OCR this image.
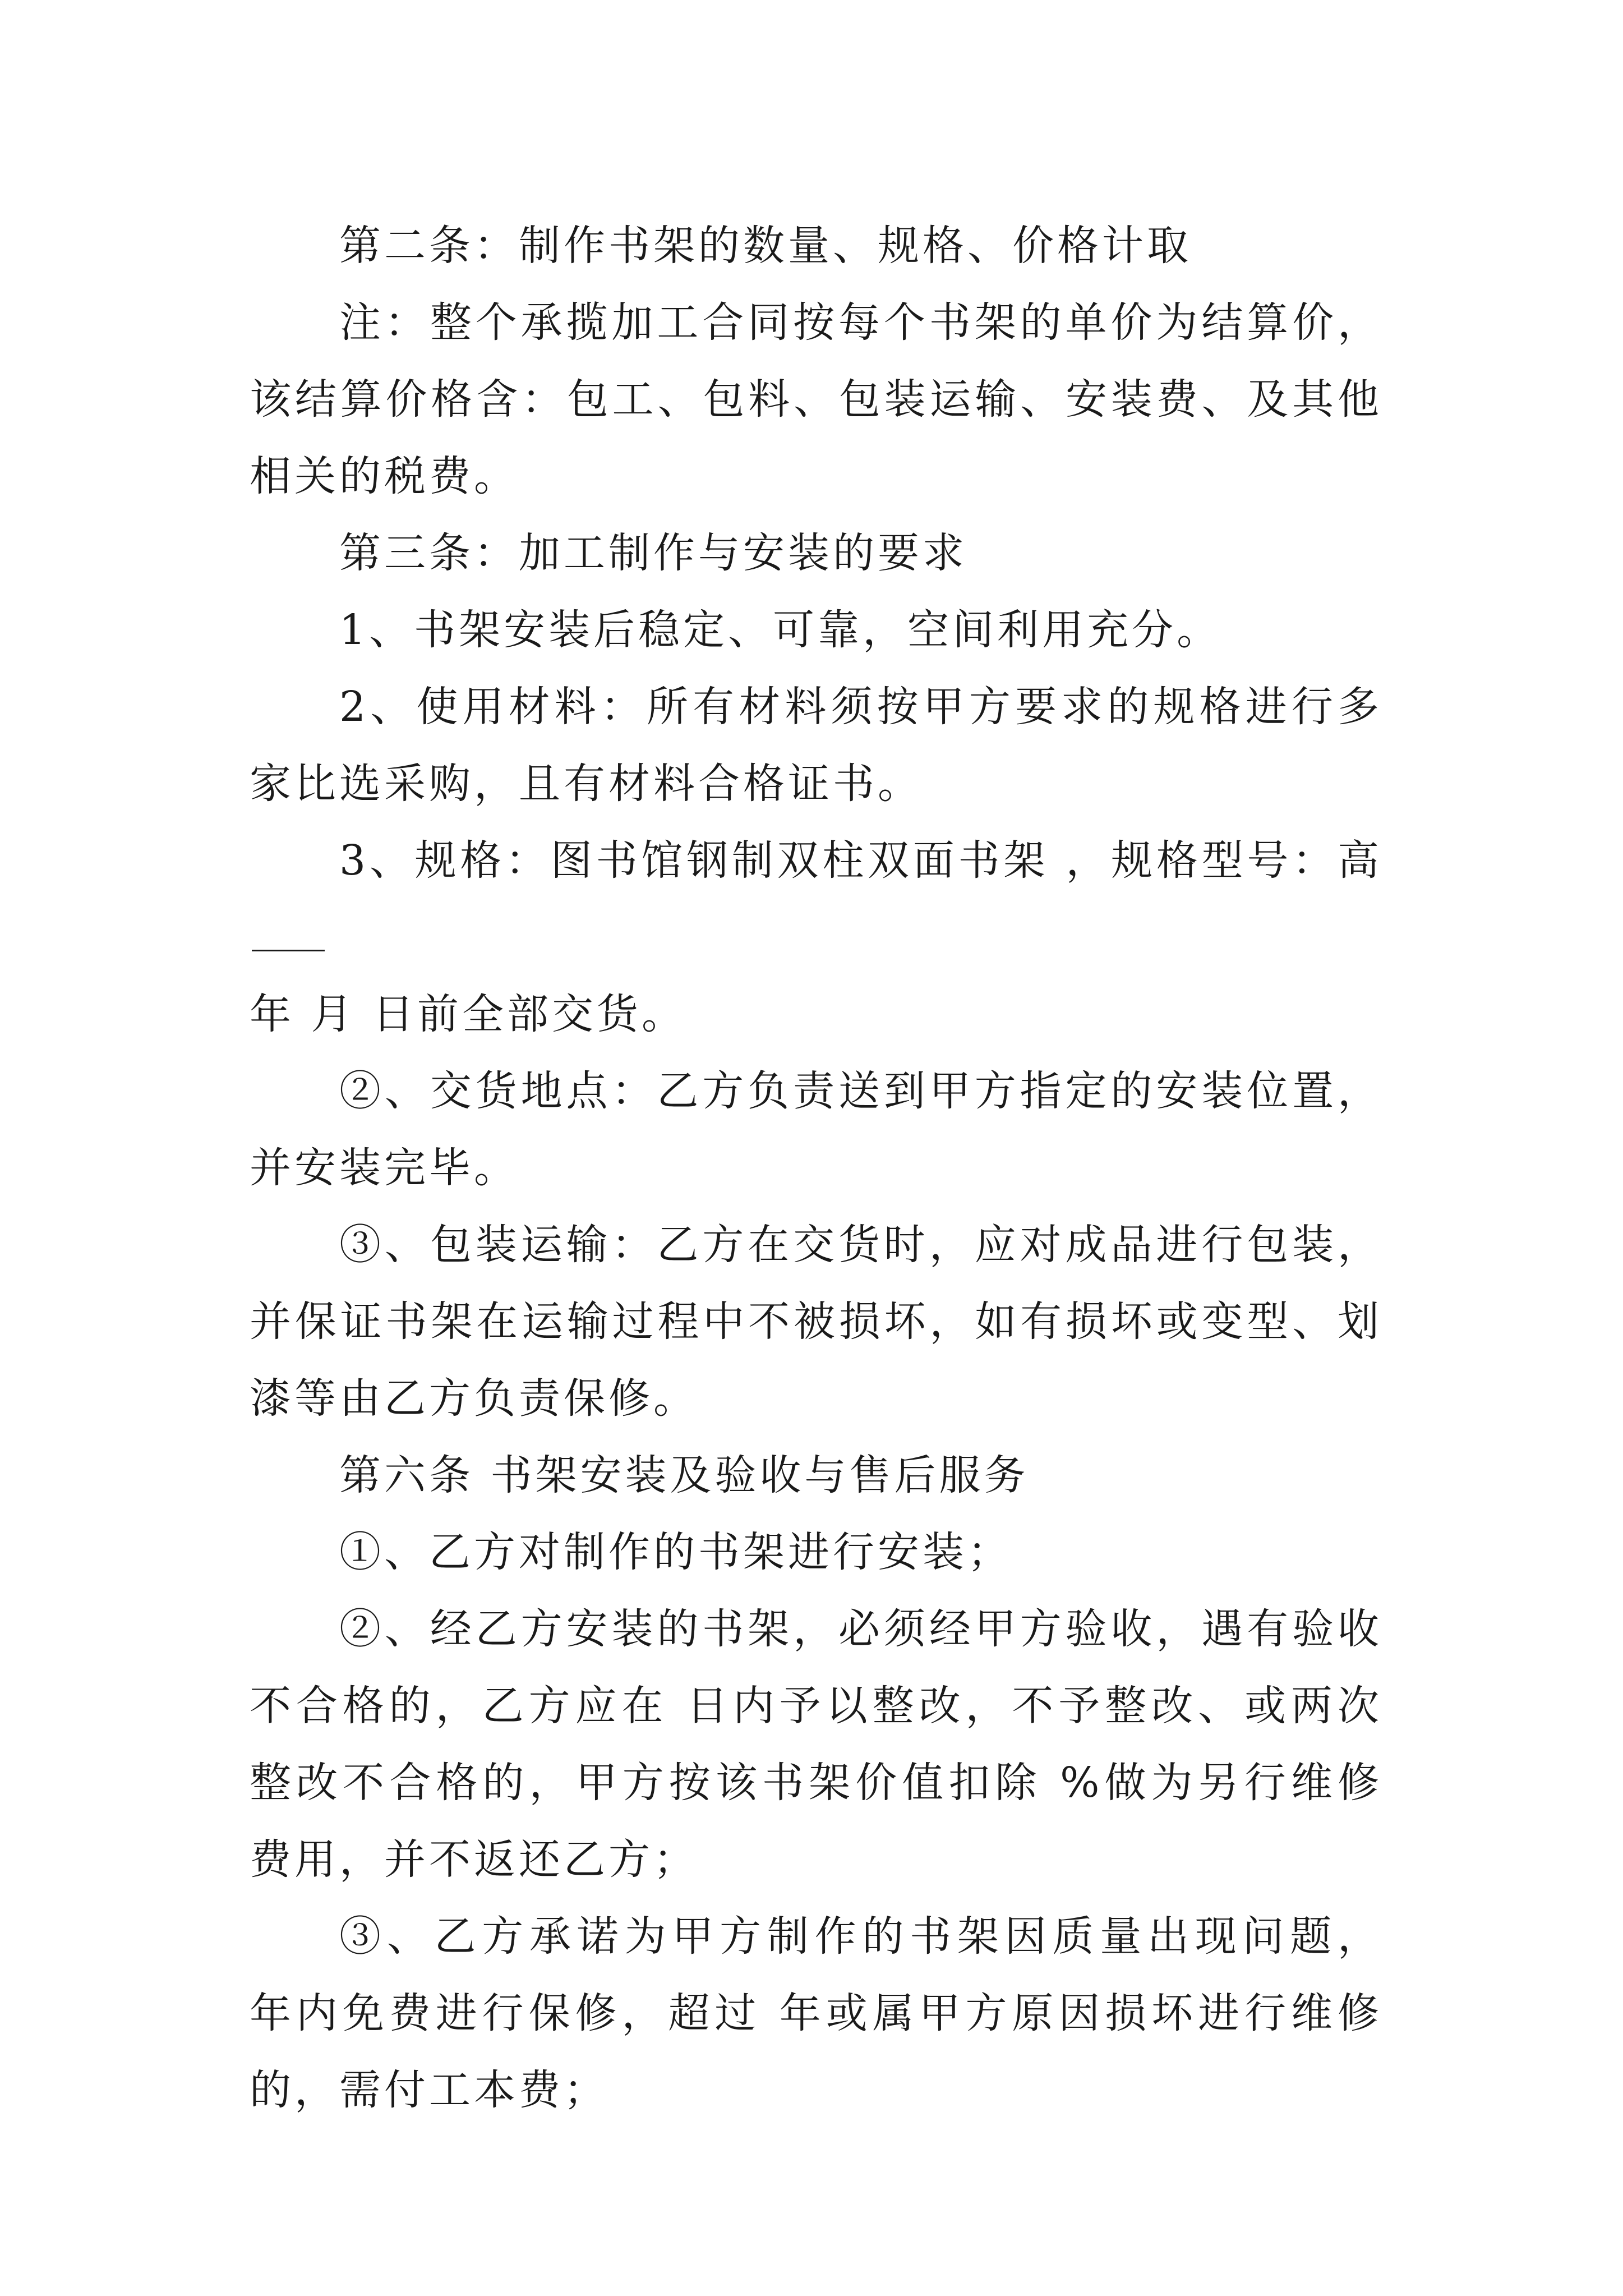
第二条：制作书架的数量、规格、价格计取

注：整个承揽加工合同按每个书架的单价为结算价，该结算价格含：包工、包料、包装运输、安装费、及其他相关的税费。

第三条：加工制作与安装的要求

1、书架安装后稳定、可靠，空间利用充分。

2、使用材料：所有材料须按甲方要求的规格进行多家比选采购，且有材料合格证书。

3、规格：图书馆钢制双柱双面书架 ，规格型号：高

年 月 日前全部交货。

②、交货地点：乙方负责送到甲方指定的安装位置，并安装完毕。

③、包装运输：乙方在交货时，应对成品进行包装，并保证书架在运输过程中不被损坏，如有损坏或变型、划漆等由乙方负责保修。

第六条 书架安装及验收与售后服务

①、乙方对制作的书架进行安装；

②、经乙方安装的书架，必须经甲方验收，遇有验收不合格的，乙方应在 日内予以整改，不予整改、或两次整改不合格的，甲方按该书架价值扣除 %做为另行维修费用，并不返还乙方；

③、乙方承诺为甲方制作的书架因质量出现问题， 年内免费进行保修，超过 年或属甲方原因损坏进行维修的，需付工本费；
